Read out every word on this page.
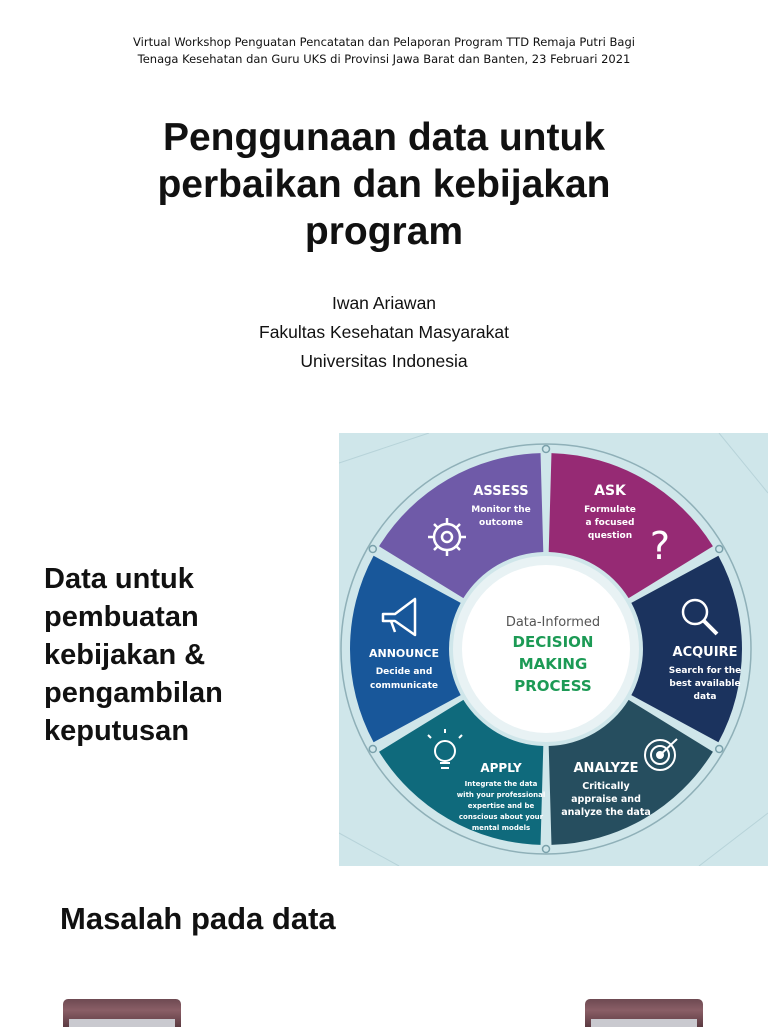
Virtual Workshop Penguatan Pencatatan dan Pelaporan Program TTD Remaja Putri Bagi
Tenaga Kesehatan dan Guru UKS di Provinsi Jawa Barat dan Banten, 23 Februari 2021
Penggunaan data untuk
perbaikan dan kebijakan
program
Iwan Ariawan
Fakultas Kesehatan Masyarakat
Universitas Indonesia
Data untuk
pembuatan
kebijakan &
pengambilan
keputusan
Data-Informed
DECISION
MAKING
PROCESS
ASSESS
Monitor the
outcome
ASK
Formulate
a focused
question ?
ACQUIRE
Search for the
best available
data
ANALYZE
Critically
appraise and
analyze the data
APPLY
Integrate the data
with your professional
expertise and be
conscious about your
mental models
ANNOUNCE
Decide and
communicate
Masalah pada data
